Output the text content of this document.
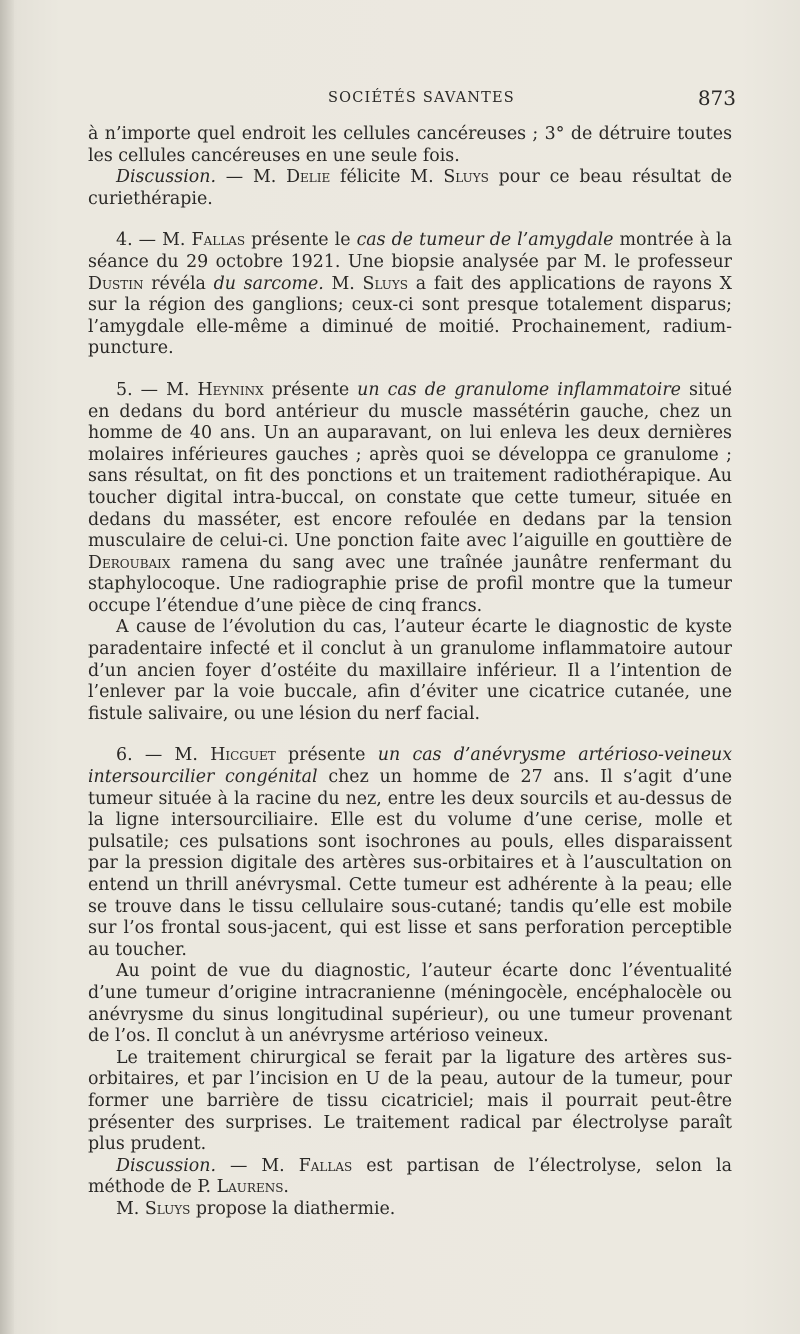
SOCIÉTÉS SAVANTES	873

à n’importe quel endroit les cellules cancéreuses ; 3° de détruire toutes les cellules cancéreuses en une seule fois.

Discussion. — M. Delie félicite M. Sluys pour ce beau résultat de curiethérapie.

4. — M. Fallas présente le cas de tumeur de l’amygdale montrée à la séance du 29 octobre 1921. Une biopsie analysée par M. le professeur Dustin révéla du sarcome. M. Sluys a fait des applications de rayons X sur la région des ganglions; ceux-ci sont presque totalement disparus; l’amygdale elle-même a diminué de moitié. Prochainement, radium-puncture.

5. — M. Heyninx présente un cas de granulome inflammatoire situé en dedans du bord antérieur du muscle massétérin gauche, chez un homme de 40 ans. Un an auparavant, on lui enleva les deux dernières molaires inférieures gauches ; après quoi se développa ce granulome ; sans résultat, on fit des ponctions et un traitement radiothérapique. Au toucher digital intra-buccal, on constate que cette tumeur, située en dedans du masséter, est encore refoulée en dedans par la tension musculaire de celui-ci. Une ponction faite avec l’aiguille en gouttière de Deroubaix ramena du sang avec une traînée jaunâtre renfermant du staphylocoque. Une radiographie prise de profil montre que la tumeur occupe l’étendue d’une pièce de cinq francs.

A cause de l’évolution du cas, l’auteur écarte le diagnostic de kyste paradentaire infecté et il conclut à un granulome inflammatoire autour d’un ancien foyer d’ostéite du maxillaire inférieur. Il a l’intention de l’enlever par la voie buccale, afin d’éviter une cicatrice cutanée, une fistule salivaire, ou une lésion du nerf facial.

6. — M. Hicguet présente un cas d’anévrysme artérioso-veineux intersourcilier congénital chez un homme de 27 ans. Il s’agit d’une tumeur située à la racine du nez, entre les deux sourcils et au-dessus de la ligne intersourciliaire. Elle est du volume d’une cerise, molle et pulsatile; ces pulsations sont isochrones au pouls, elles disparaissent par la pression digitale des artères sus-orbitaires et à l’auscultation on entend un thrill anévrysmal. Cette tumeur est adhérente à la peau; elle se trouve dans le tissu cellulaire sous-cutané; tandis qu’elle est mobile sur l’os frontal sous-jacent, qui est lisse et sans perforation perceptible au toucher.

Au point de vue du diagnostic, l’auteur écarte donc l’éventualité d’une tumeur d’origine intracranienne (méningocèle, encéphalocèle ou anévrysme du sinus longitudinal supérieur), ou une tumeur provenant de l’os. Il conclut à un anévrysme artérioso veineux.

Le traitement chirurgical se ferait par la ligature des artères sus-orbitaires, et par l’incision en U de la peau, autour de la tumeur, pour former une barrière de tissu cicatriciel; mais il pourrait peut-être présenter des surprises. Le traitement radical par électrolyse paraît plus prudent.

Discussion. — M. Fallas est partisan de l’électrolyse, selon la méthode de P. Laurens.

M. Sluys propose la diathermie.
